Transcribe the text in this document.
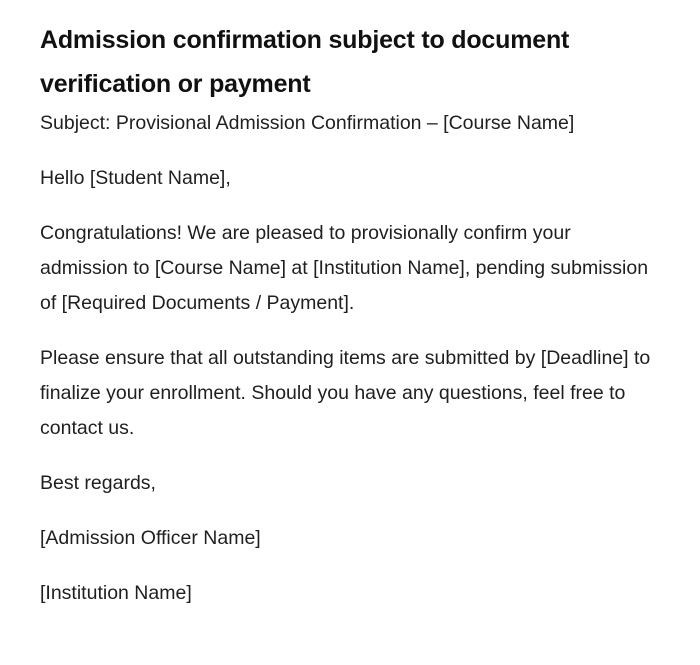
Admission confirmation subject to document verification or payment

Subject: Provisional Admission Confirmation – [Course Name]

Hello [Student Name],

Congratulations! We are pleased to provisionally confirm your admission to [Course Name] at [Institution Name], pending submission of [Required Documents / Payment].

Please ensure that all outstanding items are submitted by [Deadline] to finalize your enrollment. Should you have any questions, feel free to contact us.

Best regards,

[Admission Officer Name]

[Institution Name]
